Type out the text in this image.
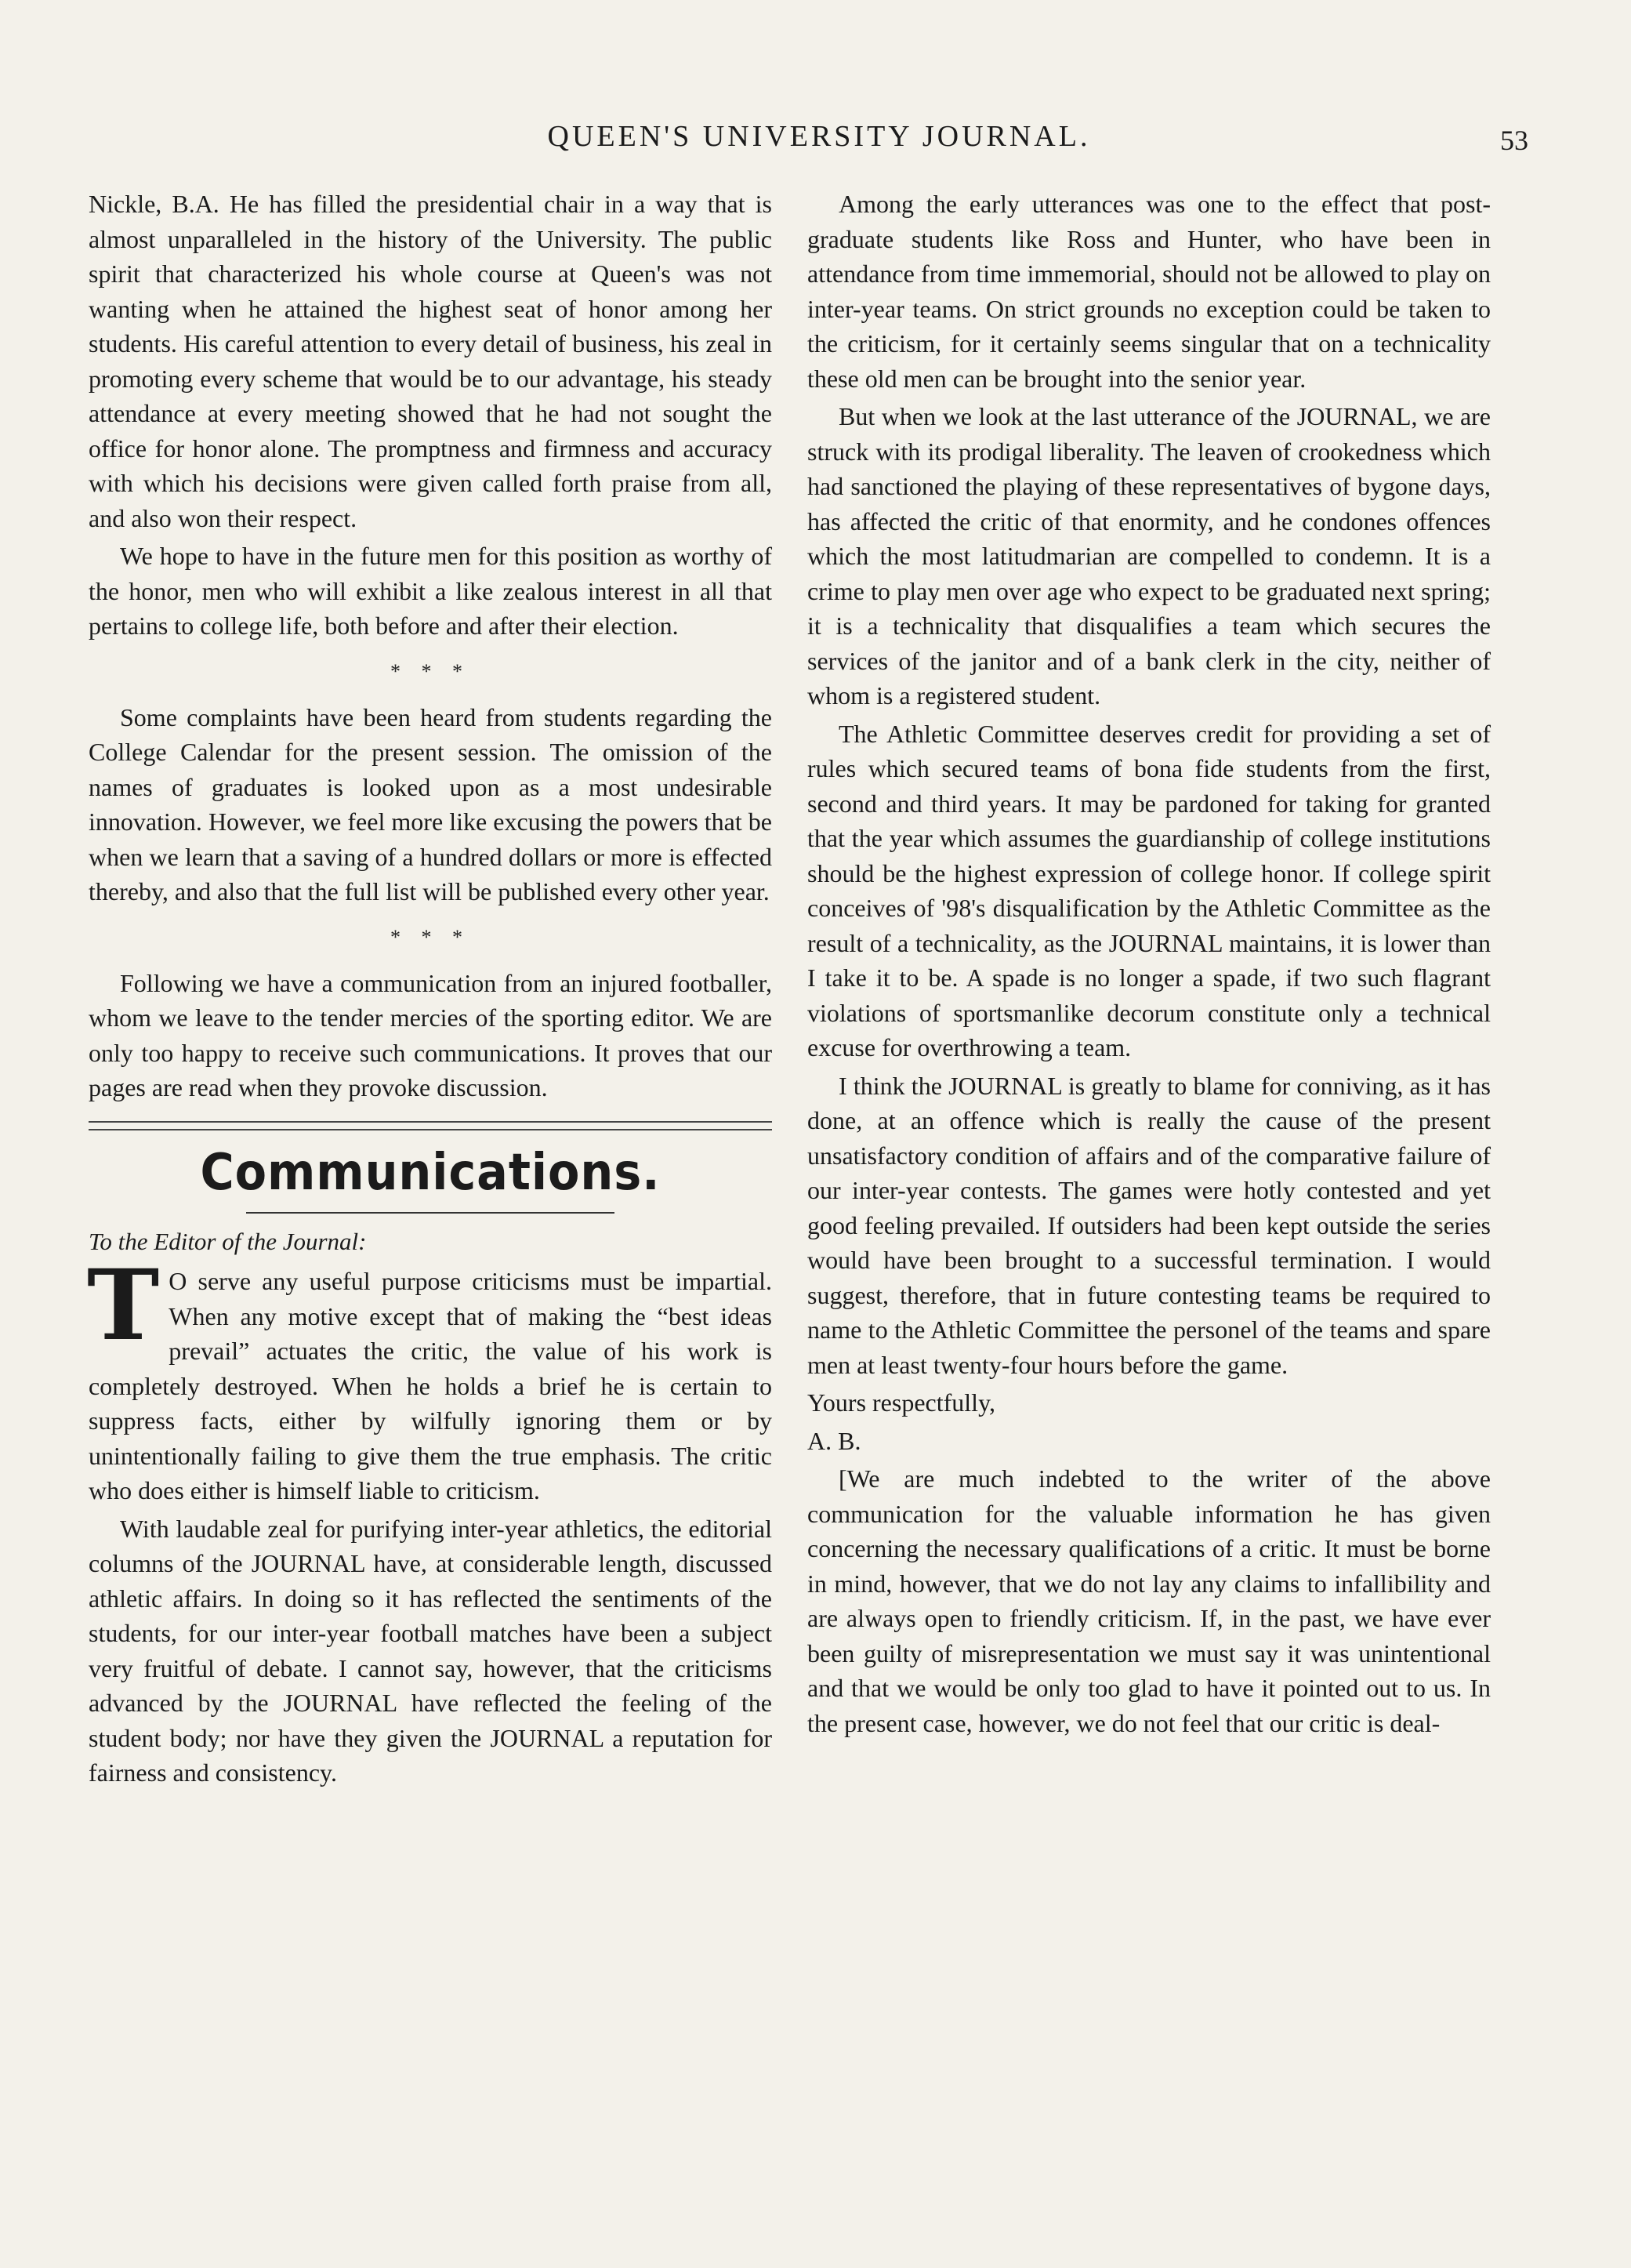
QUEEN'S UNIVERSITY JOURNAL.	53

Nickle, B.A. He has filled the presidential chair in a way that is almost unparalleled in the history of the University. The public spirit that characterized his whole course at Queen's was not wanting when he attained the highest seat of honor among her students. His careful attention to every detail of business, his zeal in promoting every scheme that would be to our advantage, his steady attendance at every meeting showed that he had not sought the office for honor alone. The promptness and firmness and accuracy with which his decisions were given called forth praise from all, and also won their respect.

We hope to have in the future men for this position as worthy of the honor, men who will exhibit a like zealous interest in all that pertains to college life, both before and after their election.

* * *

Some complaints have been heard from students regarding the College Calendar for the present session. The omission of the names of graduates is looked upon as a most undesirable innovation. However, we feel more like excusing the powers that be when we learn that a saving of a hundred dollars or more is effected thereby, and also that the full list will be published every other year.

* * *

Following we have a communication from an injured footballer, whom we leave to the tender mercies of the sporting editor. We are only too happy to receive such communications. It proves that our pages are read when they provoke discussion.

Communications.
To the Editor of the Journal:

T O serve any useful purpose criticisms must be impartial. When any motive except that of making the “best ideas prevail” actuates the critic, the value of his work is completely destroyed. When he holds a brief he is certain to suppress facts, either by wilfully ignoring them or by unintentionally failing to give them the true emphasis. The critic who does either is himself liable to criticism.

With laudable zeal for purifying inter-year athletics, the editorial columns of the JOURNAL have, at considerable length, discussed athletic affairs. In doing so it has reflected the sentiments of the students, for our inter-year football matches have been a subject very fruitful of debate. I cannot say, however, that the criticisms advanced by the JOURNAL have reflected the feeling of the student body; nor have they given the JOURNAL a reputation for fairness and consistency.

Among the early utterances was one to the effect that post-graduate students like Ross and Hunter, who have been in attendance from time immemorial, should not be allowed to play on inter-year teams. On strict grounds no exception could be taken to the criticism, for it certainly seems singular that on a technicality these old men can be brought into the senior year.

But when we look at the last utterance of the JOURNAL, we are struck with its prodigal liberality. The leaven of crookedness which had sanctioned the playing of these representatives of bygone days, has affected the critic of that enormity, and he condones offences which the most latitudmarian are compelled to condemn. It is a crime to play men over age who expect to be graduated next spring; it is a technicality that disqualifies a team which secures the services of the janitor and of a bank clerk in the city, neither of whom is a registered student.

The Athletic Committee deserves credit for providing a set of rules which secured teams of bona fide students from the first, second and third years. It may be pardoned for taking for granted that the year which assumes the guardianship of college institutions should be the highest expression of college honor. If college spirit conceives of '98's disqualification by the Athletic Committee as the result of a technicality, as the JOURNAL maintains, it is lower than I take it to be. A spade is no longer a spade, if two such flagrant violations of sportsmanlike decorum constitute only a technical excuse for overthrowing a team.

I think the JOURNAL is greatly to blame for conniving, as it has done, at an offence which is really the cause of the present unsatisfactory condition of affairs and of the comparative failure of our inter-year contests. The games were hotly contested and yet good feeling prevailed. If outsiders had been kept outside the series would have been brought to a successful termination. I would suggest, therefore, that in future contesting teams be required to name to the Athletic Committee the personel of the teams and spare men at least twenty-four hours before the game.

Yours respectfully,

A. B.

[We are much indebted to the writer of the above communication for the valuable information he has given concerning the necessary qualifications of a critic. It must be borne in mind, however, that we do not lay any claims to infallibility and are always open to friendly criticism. If, in the past, we have ever been guilty of misrepresentation we must say it was unintentional and that we would be only too glad to have it pointed out to us. In the present case, however, we do not feel that our critic is deal-
